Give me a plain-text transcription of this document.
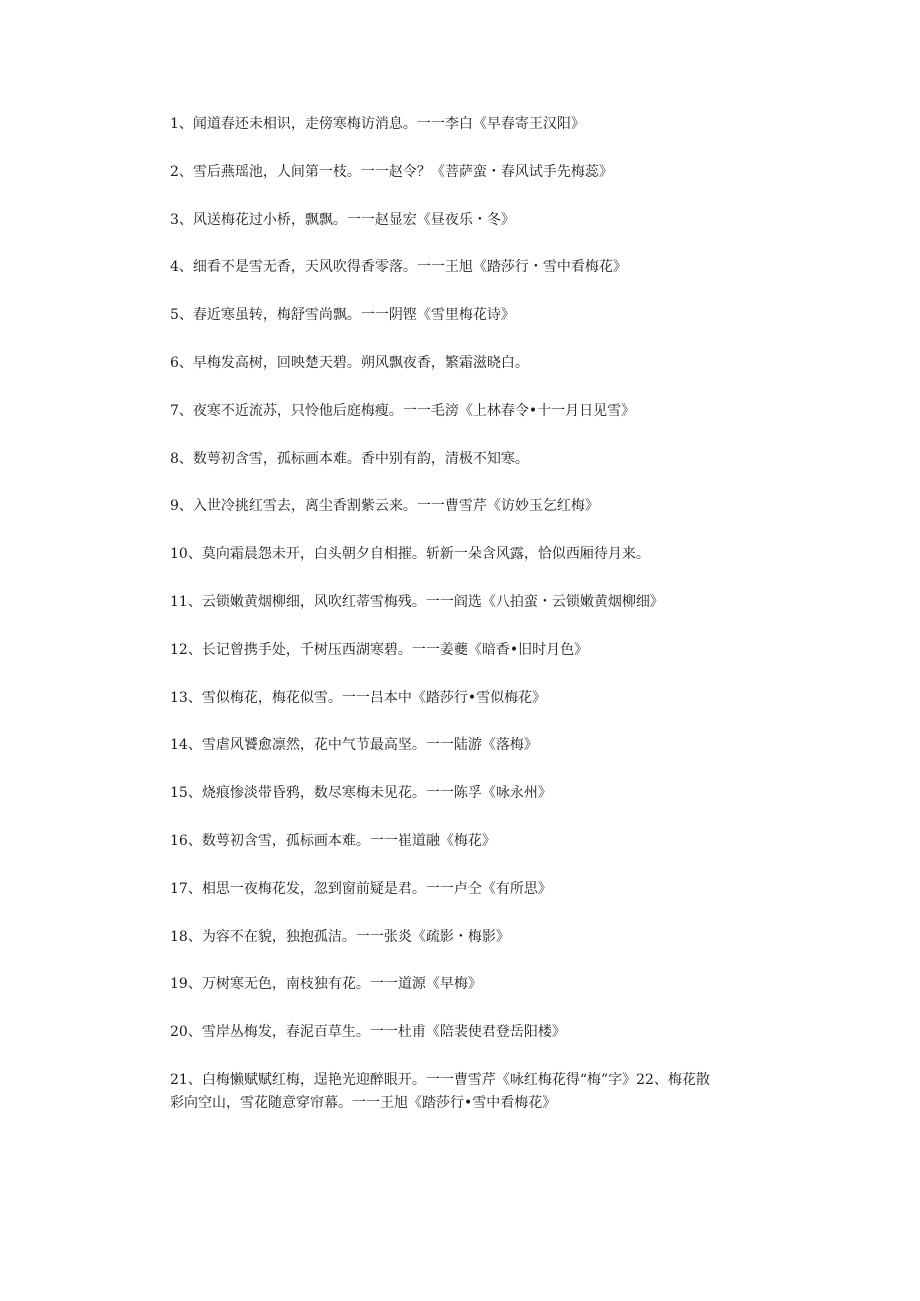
1、闻道春还未相识，走傍寒梅访消息。一一李白《早春寄王汉阳》
2、雪后燕瑶池，人间第一枝。一一赵令？《菩萨蛮・春风试手先梅蕊》
3、风送梅花过小桥，飘飘。一一赵显宏《昼夜乐・冬》
4、细看不是雪无香，天风吹得香零落。一一王旭《踏莎行・雪中看梅花》
5、春近寒虽转，梅舒雪尚飘。一一阴铿《雪里梅花诗》
6、早梅发高树，回映楚天碧。朔风飘夜香，繁霜滋晓白。
7、夜寒不近流苏，只怜他后庭梅瘦。一一毛滂《上林春令•十一月日见雪》
8、数萼初含雪，孤标画本难。香中别有韵，清极不知寒。
9、入世冷挑红雪去，离尘香割紫云来。一一曹雪芹《访妙玉乞红梅》
10、莫向霜晨怨未开，白头朝夕自相摧。斩新一朵含风露，恰似西厢待月来。
11、云锁嫩黄烟柳细，风吹红蒂雪梅残。一一阎选《八拍蛮・云锁嫩黄烟柳细》
12、长记曾携手处，千树压西湖寒碧。一一姜夔《暗香•旧时月色》
13、雪似梅花，梅花似雪。一一吕本中《踏莎行•雪似梅花》
14、雪虐风饕愈凛然，花中气节最高坚。一一陆游《落梅》
15、烧痕惨淡带昏鸦，数尽寒梅未见花。一一陈孚《咏永州》
16、数萼初含雪，孤标画本难。一一崔道融《梅花》
17、相思一夜梅花发，忽到窗前疑是君。一一卢仝《有所思》
18、为容不在貌，独抱孤洁。一一张炎《疏影・梅影》
19、万树寒无色，南枝独有花。一一道源《早梅》
20、雪岸丛梅发，春泥百草生。一一杜甫《陪裴使君登岳阳楼》
21、白梅懒赋赋红梅，逞艳光迎醉眼开。一一曹雪芹《咏红梅花得“梅”字》22、梅花散彩向空山，雪花随意穿帘幕。一一王旭《踏莎行•雪中看梅花》
